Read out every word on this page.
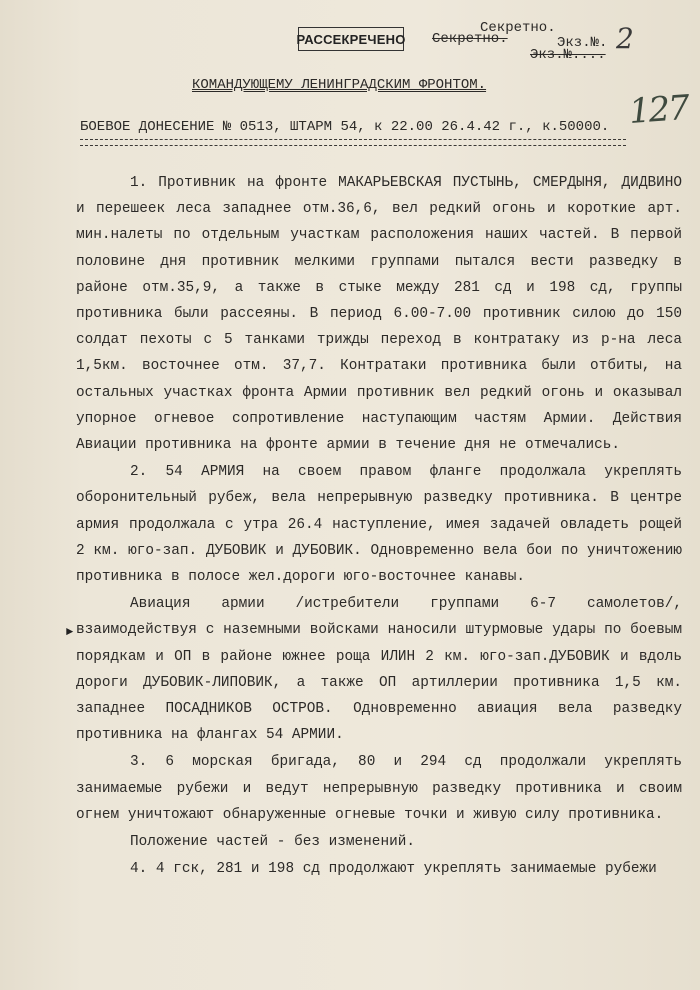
РАССЕКРЕЧЕНО
Секретно.
Секретно.	Экз.№.
Экз.№.... 2
127
КОМАНДУЮЩЕМУ ЛЕНИНГРАДСКИМ ФРОНТОМ.
БОЕВОЕ ДОНЕСЕНИЕ № 0513, ШТАРМ 54, к 22.00 26.4.42 г., к.50000.

1. Противник на фронте МАКАРЬЕВСКАЯ ПУСТЫНЬ, СМЕРДЫНЯ, ДИДВИНО и перешеек леса западнее отм.36,6, вел редкий огонь и короткие арт. мин.налеты по отдельным участкам расположения наших частей. В первой половине дня противник мелкими группами пытался вести разведку в районе отм.35,9, а также в стыке между 281 сд и 198 сд, группы противника были рассеяны. В период 6.00-7.00 противник силою до 150 солдат пехоты с 5 танками трижды переход в контратаку из р-на леса 1,5км. восточнее отм. 37,7. Контратаки противника были отбиты, на остальных участках фронта Армии противник вел редкий огонь и оказывал упорное огневое сопротивление наступающим частям Армии. Действия Авиации противника на фронте армии в течение дня не отмечались.

2. 54 АРМИЯ на своем правом фланге продолжала укреплять оборонительный рубеж, вела непрерывную разведку противника. В центре армия продолжала с утра 26.4 наступление, имея задачей овладеть рощей 2 км. юго-зап. ДУБОВИК и ДУБОВИК. Одновременно вела бои по уничтожению противника в полосе жел.дороги юго-восточнее канавы.

Авиация армии /истребители группами 6-7 самолетов/, взаимодействуя с наземными войсками наносили штурмовые удары по боевым порядкам и ОП в районе южнее роща ИЛИН 2 км. юго-зап.ДУБОВИК и вдоль дороги ДУБОВИК-ЛИПОВИК, а также ОП артиллерии противника 1,5 км. западнее ПОСАДНИКОВ ОСТРОВ. Одновременно авиация вела разведку противника на флангах 54 АРМИИ.

3. 6 морская бригада, 80 и 294 сд продолжали укреплять занимаемые рубежи и ведут непрерывную разведку противника и своим огнем уничтожают обнаруженные огневые точки и живую силу противника.

Положение частей - без изменений.

4. 4 гск, 281 и 198 сд продолжают укреплять занимаемые рубежи

►
